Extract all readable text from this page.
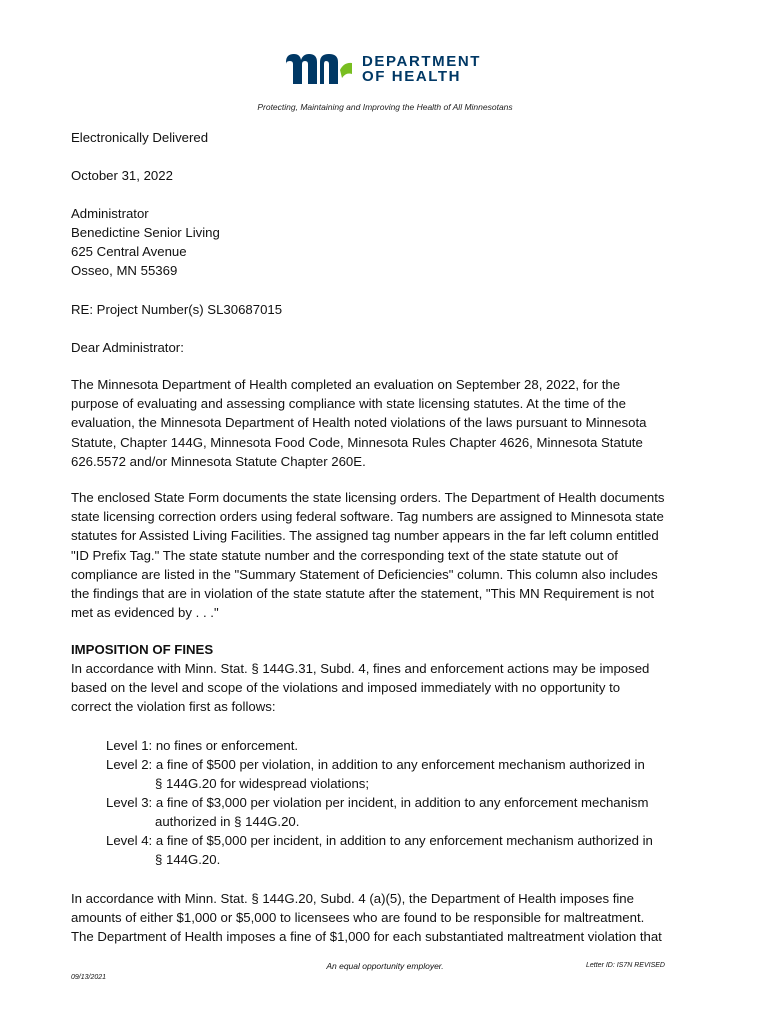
DEPARTMENT
OF HEALTH
Protecting, Maintaining and Improving the Health of All Minnesotans
Electronically Delivered
October 31, 2022
Administrator
Benedictine Senior Living
625 Central Avenue
Osseo, MN 55369
RE: Project Number(s) SL30687015
Dear Administrator:
The Minnesota Department of Health completed an evaluation on September 28, 2022, for the
purpose of evaluating and assessing compliance with state licensing statutes. At the time of the
evaluation, the Minnesota Department of Health noted violations of the laws pursuant to Minnesota
Statute, Chapter 144G, Minnesota Food Code, Minnesota Rules Chapter 4626, Minnesota Statute
626.5572 and/or Minnesota Statute Chapter 260E.
The enclosed State Form documents the state licensing orders. The Department of Health documents
state licensing correction orders using federal software. Tag numbers are assigned to Minnesota state
statutes for Assisted Living Facilities. The assigned tag number appears in the far left column entitled
"ID Prefix Tag." The state statute number and the corresponding text of the state statute out of
compliance are listed in the "Summary Statement of Deficiencies" column. This column also includes
the findings that are in violation of the state statute after the statement, "This MN Requirement is not
met as evidenced by . . ."
IMPOSITION OF FINES
In accordance with Minn. Stat. § 144G.31, Subd. 4, fines and enforcement actions may be imposed
based on the level and scope of the violations and imposed immediately with no opportunity to
correct the violation first as follows:
Level 1: no fines or enforcement.
Level 2: a fine of $500 per violation, in addition to any enforcement mechanism authorized in
§ 144G.20 for widespread violations;
Level 3: a fine of $3,000 per violation per incident, in addition to any enforcement mechanism
authorized in § 144G.20.
Level 4: a fine of $5,000 per incident, in addition to any enforcement mechanism authorized in
§ 144G.20.
In accordance with Minn. Stat. § 144G.20, Subd. 4 (a)(5), the Department of Health imposes fine
amounts of either $1,000 or $5,000 to licensees who are found to be responsible for maltreatment.
The Department of Health imposes a fine of $1,000 for each substantiated maltreatment violation that
An equal opportunity employer.	Letter ID: IS7N REVISED
09/13/2021
